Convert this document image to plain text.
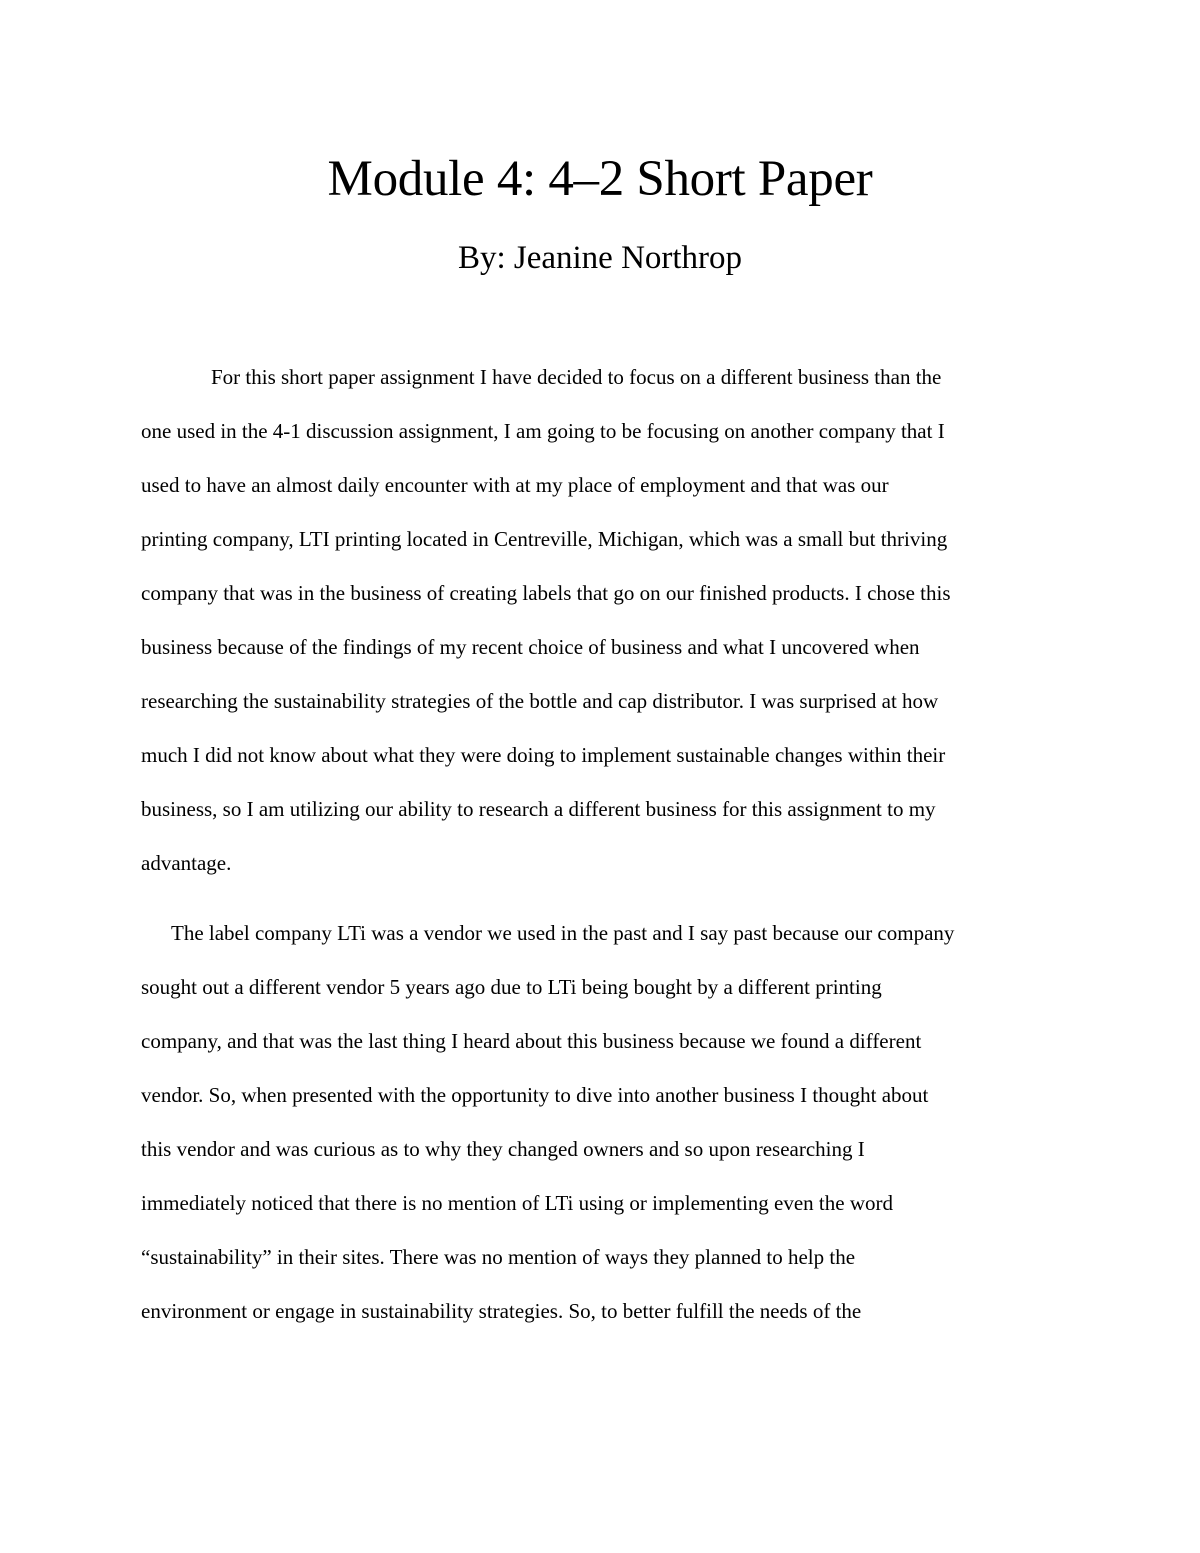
Module 4: 4–2 Short Paper
By: Jeanine Northrop

For this short paper assignment I have decided to focus on a different business than the

one used in the 4-1 discussion assignment, I am going to be focusing on another company that I

used to have an almost daily encounter with at my place of employment and that was our

printing company, LTI printing located in Centreville, Michigan, which was a small but thriving

company that was in the business of creating labels that go on our finished products. I chose this

business because of the findings of my recent choice of business and what I uncovered when

researching the sustainability strategies of the bottle and cap distributor. I was surprised at how

much I did not know about what they were doing to implement sustainable changes within their

business, so I am utilizing our ability to research a different business for this assignment to my

advantage.

The label company LTi was a vendor we used in the past and I say past because our company

sought out a different vendor 5 years ago due to LTi being bought by a different printing

company, and that was the last thing I heard about this business because we found a different

vendor. So, when presented with the opportunity to dive into another business I thought about

this vendor and was curious as to why they changed owners and so upon researching I

immediately noticed that there is no mention of LTi using or implementing even the word

“sustainability” in their sites. There was no mention of ways they planned to help the

environment or engage in sustainability strategies. So, to better fulfill the needs of the
